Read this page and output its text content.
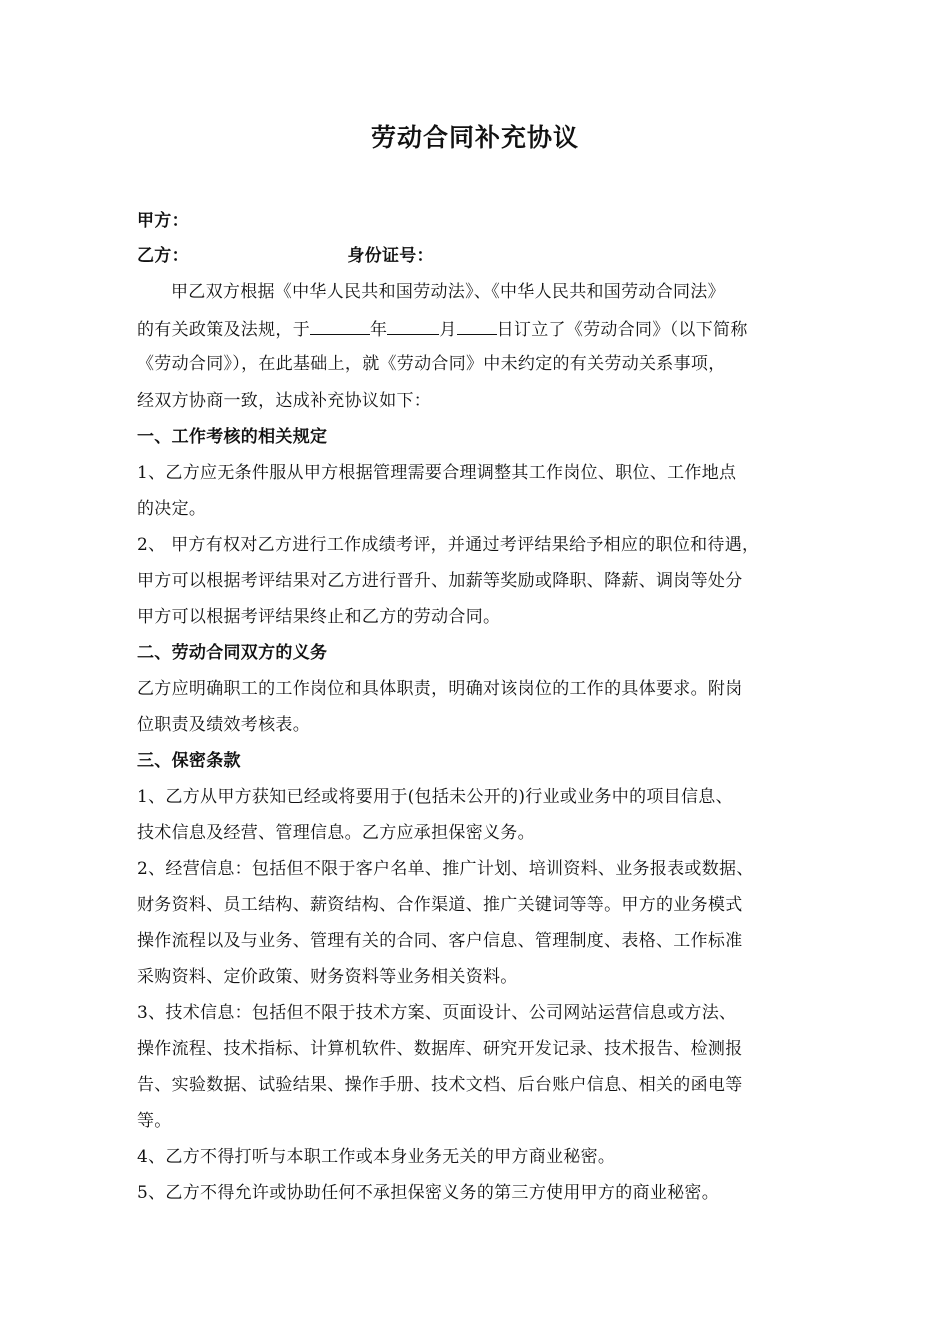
劳动合同补充协议
甲方：
乙方：	身份证号：
甲乙双方根据《中华人民共和国劳动法》、《中华人民共和国劳动合同法》
的有关政策及法规，于	年	月 日订立了《劳动合同》（以下简称
《劳动合同》），在此基础上，就《劳动合同》中未约定的有关劳动关系事项，
经双方协商一致，达成补充协议如下：
一、工作考核的相关规定
1、乙方应无条件服从甲方根据管理需要合理调整其工作岗位、职位、工作地点
的决定。
2、 甲方有权对乙方进行工作成绩考评，并通过考评结果给予相应的职位和待遇，
甲方可以根据考评结果对乙方进行晋升、加薪等奖励或降职、降薪、调岗等处分
甲方可以根据考评结果终止和乙方的劳动合同。
二、劳动合同双方的义务
乙方应明确职工的工作岗位和具体职责，明确对该岗位的工作的具体要求。附岗
位职责及绩效考核表。
三、保密条款
1、乙方从甲方获知已经或将要用于(包括未公开的)行业或业务中的项目信息、
技术信息及经营、管理信息。乙方应承担保密义务。
2、经营信息：包括但不限于客户名单、推广计划、培训资料、业务报表或数据、
财务资料、员工结构、薪资结构、合作渠道、推广关键词等等。甲方的业务模式
操作流程以及与业务、管理有关的合同、客户信息、管理制度、表格、工作标准
采购资料、定价政策、财务资料等业务相关资料。
3、技术信息：包括但不限于技术方案、页面设计、公司网站运营信息或方法、
操作流程、技术指标、计算机软件、数据库、研究开发记录、技术报告、检测报
告、实验数据、试验结果、操作手册、技术文档、后台账户信息、相关的函电等
等。
4、乙方不得打听与本职工作或本身业务无关的甲方商业秘密。
5、乙方不得允许或协助任何不承担保密义务的第三方使用甲方的商业秘密。
